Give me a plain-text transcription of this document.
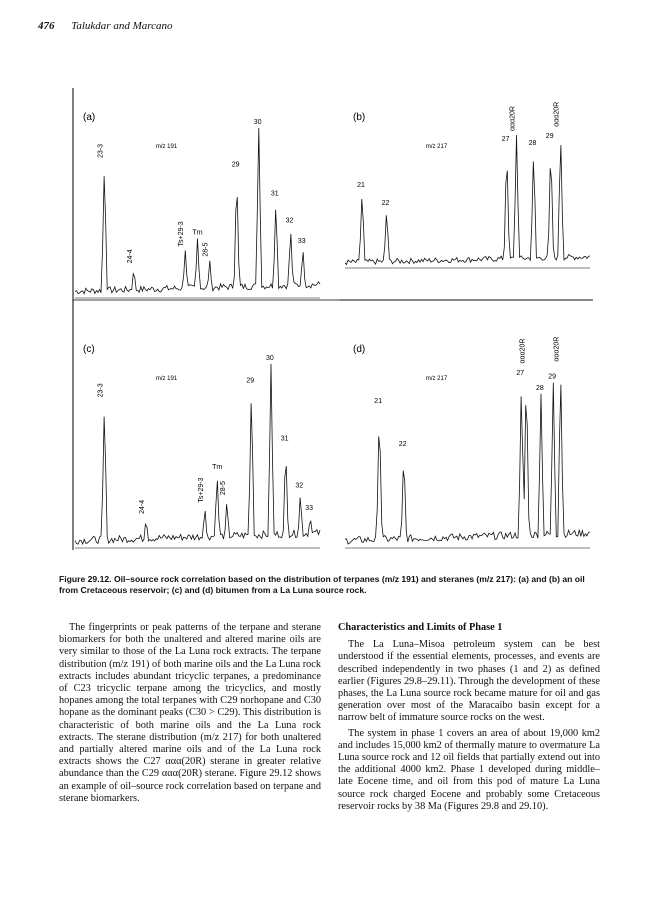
476 Talukdar and Marcano
(a)
m/z 191
23-3
24-4
Ts+29-3 Tm
28-5
29
30
31
32
33
(b)
m/z 217
21
22
27
ααα20R
28
29
ααα20R
(c)
m/z 191
23-3
24-4
Ts+29-3
Tm
28-5
29
30
31
32
33
(d)
m/z 217
21
22
27
ααα20R
28
29
ααα20R
Figure 29.12. Oil–source rock correlation based on the distribution of terpanes (m/z 191) and steranes (m/z 217): (a) and (b) an oil from Cretaceous reservoir; (c) and (d) bitumen from a La Luna source rock.

The fingerprints or peak patterns of the terpane and sterane biomarkers for both the unaltered and altered marine oils are very similar to those of the La Luna rock extracts. The terpane distribution (m/z 191) of both marine oils and the La Luna rock extracts includes abundant tricyclic terpanes, a predominance of C23 tricyclic terpane among the tricyclics, and mostly hopanes among the total terpanes with C29 norhopane and C30 hopane as the dominant peaks (C30 > C29). This distribution is characteristic of both marine oils and the La Luna rock extracts. The sterane distribution (m/z 217) for both unaltered and partially altered marine oils and of the La Luna rock extracts shows the C27 ααα(20R) sterane in greater relative abundance than the C29 ααα(20R) sterane. Figure 29.12 shows an example of oil–source rock correlation based on terpane and sterane biomarkers.

Characteristics and Limits of Phase 1

The La Luna–Misoa petroleum system can be best understood if the essential elements, processes, and events are described independently in two phases (1 and 2) as defined earlier (Figures 29.8–29.11). Through the development of these phases, the La Luna source rock became mature for oil and gas generation over most of the Maracaibo basin except for a narrow belt of immature source rocks on the west.

The system in phase 1 covers an area of about 19,000 km2 and includes 15,000 km2 of thermally mature to overmature La Luna source rock and 12 oil fields that partially extend out into the additional 4000 km2. Phase 1 developed during middle–late Eocene time, and oil from this pod of mature La Luna source rock charged Eocene and probably some Cretaceous reservoir rocks by 38 Ma (Figures 29.8 and 29.10).
